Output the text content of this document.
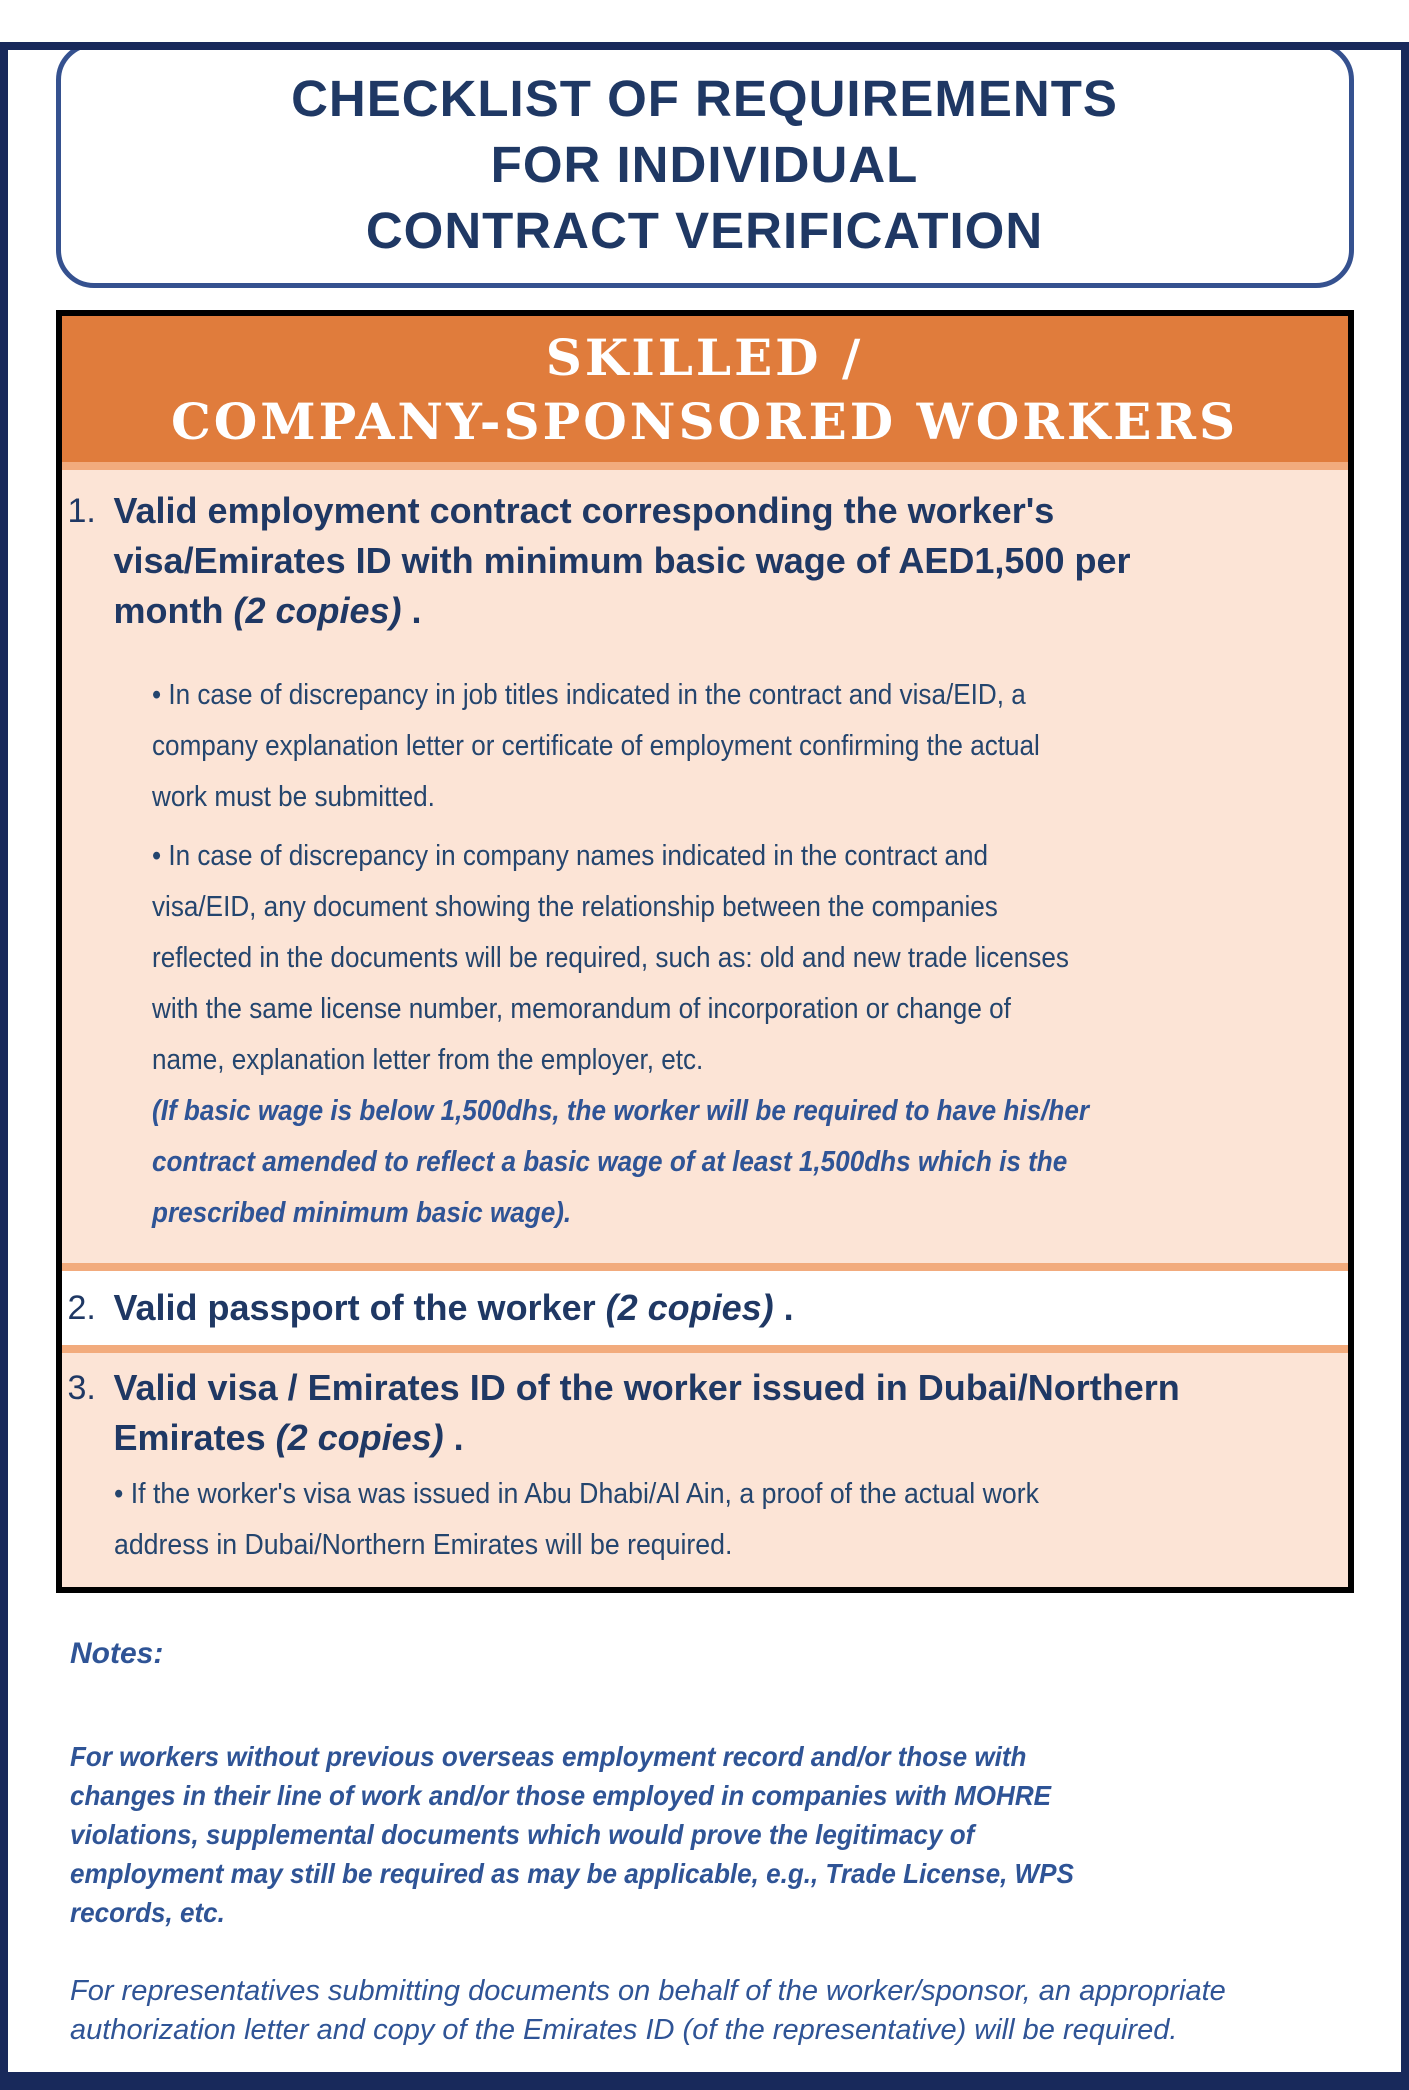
CHECKLIST OF REQUIREMENTS
FOR INDIVIDUAL
CONTRACT VERIFICATION
SKILLED /
COMPANY-SPONSORED WORKERS
1. Valid employment contract corresponding the worker's visa/Emirates ID with minimum basic wage of AED1,500 per month (2 copies) .

• In case of discrepancy in job titles indicated in the contract and visa/EID, a company explanation letter or certificate of employment confirming the actual work must be submitted.

• In case of discrepancy in company names indicated in the contract and visa/EID, any document showing the relationship between the companies reflected in the documents will be required, such as: old and new trade licenses with the same license number, memorandum of incorporation or change of name, explanation letter from the employer, etc.

(If basic wage is below 1,500dhs, the worker will be required to have his/her contract amended to reflect a basic wage of at least 1,500dhs which is the prescribed minimum basic wage).
2. Valid passport of the worker (2 copies) .
3. Valid visa / Emirates ID of the worker issued in Dubai/Northern Emirates (2 copies) .

• If the worker's visa was issued in Abu Dhabi/Al Ain, a proof of the actual work address in Dubai/Northern Emirates will be required.

Notes:

For workers without previous overseas employment record and/or those with changes in their line of work and/or those employed in companies with MOHRE violations, supplemental documents which would prove the legitimacy of employment may still be required as may be applicable, e.g., Trade License, WPS records, etc.

For representatives submitting documents on behalf of the worker/sponsor, an appropriate authorization letter and copy of the Emirates ID (of the representative) will be required.
